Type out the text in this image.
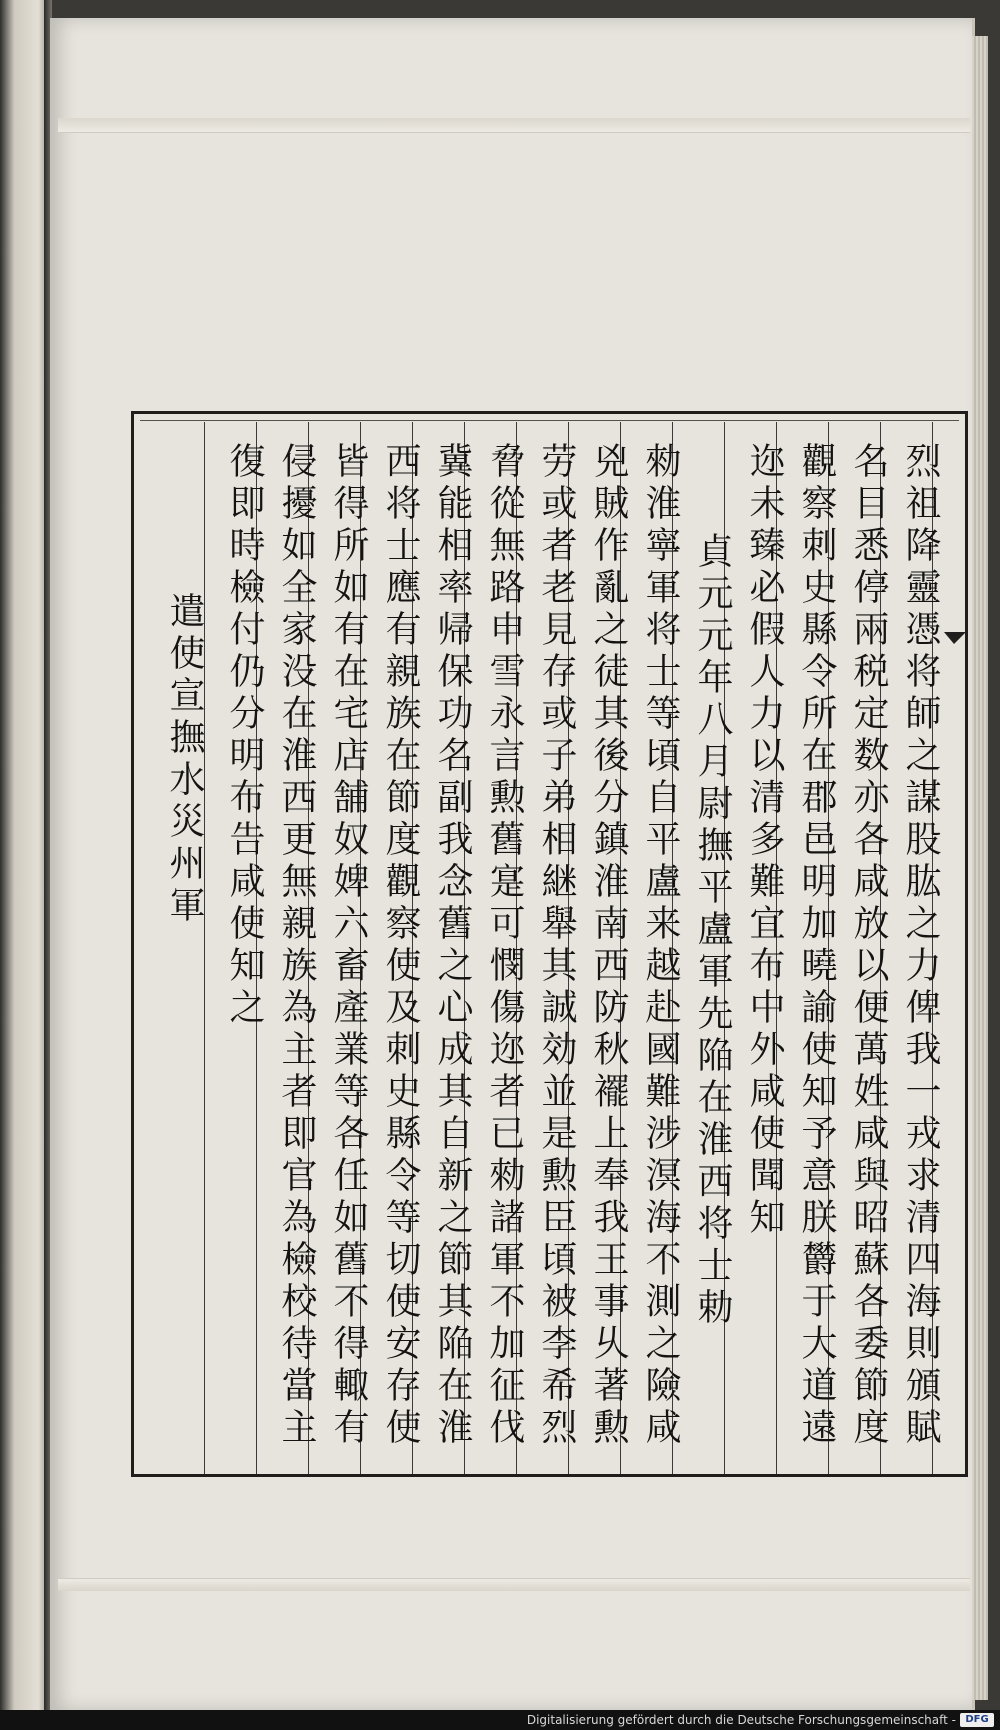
烈祖降靈憑将師之謀股肱之力俾我一戎求清四海則頒賦
名目悉停兩税定数亦各咸放以便萬姓咸與昭蘇各委節度
觀察刺史縣令所在郡邑明加曉諭使知予意朕欝于大道遠
迩未臻必假人力以清多難宜布中外咸使聞知
貞元元年八月尉撫平盧軍先陥在淮西将士勅
勑淮寧軍将士等頃自平盧来越赴國難涉溟海不測之險咸
兇賊作亂之徒其後分鎮淮南西防秋襬上奉我王事乆著勲
劳或者老見存或子弟相継舉其誠効並是勲臣頃被李希烈
脅從無路申雪永言勲舊寔可憫傷迩者已勑諸軍不加征伐
冀能相率帰保功名副我念舊之心成其自新之節其陥在淮
西将士應有親族在節度觀察使及刺史縣令等切使安存使
皆得所如有在宅店舗奴婢六畜產業等各任如舊不得輙有
侵擾如全家没在淮西更無親族為主者即官為檢校待當主
復即時檢付仍分明布告咸使知之
遣使宣撫水災州軍
Digitalisierung gefördert durch die Deutsche Forschungsgemeinschaft - DFG
